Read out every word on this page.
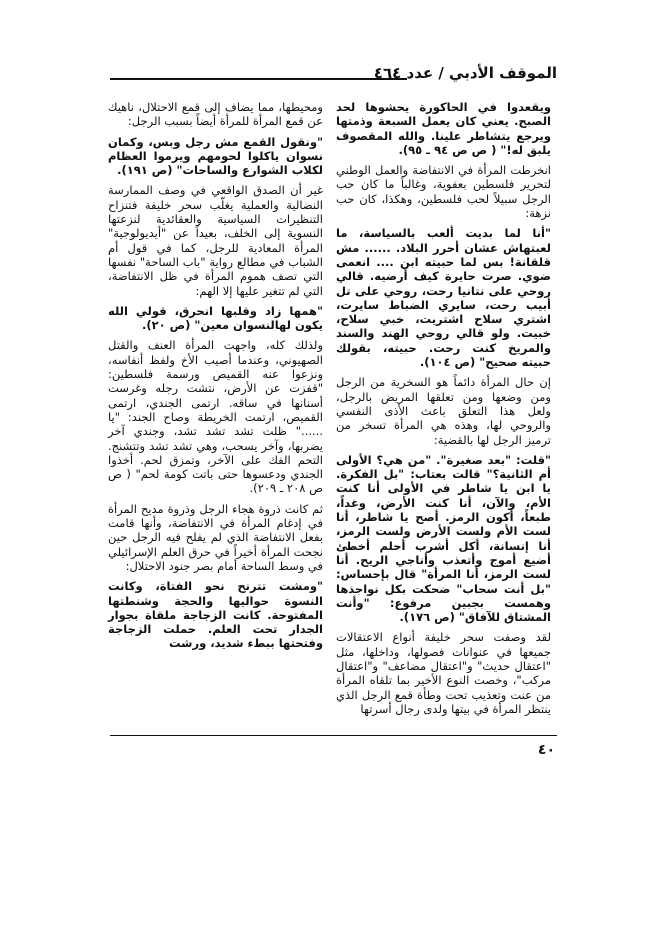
الموقف الأدبي / عدد ٤٦٤

ويقعدوا في الحاكورة يحشوها لحد الصبح. يعني كان يعمل السبعة وذمتها ويرجع يتشاطر علينا. والله المقصوف يلبق له!" ( ص ص ٩٤ ـ ٩٥).

انخرطت المرأة في الانتفاضة والعمل الوطني لتحرير فلسطين بعفوية، وغالباً ما كان حب الرجل سبيلاً لحب فلسطين، وهكذا، كان حب نزهة:

"أنا لما بديت ألعب بالسياسة، ما لعبتهاش عشان أحرر البلاد. ...... مش قلقانة! بس لما حبيته ابن .... انعمى ضوي. صرت حايرة كيف أرضيه. قالي روحي على نتانيا رحت، روحي على تل أبيب رحت، سايري الضباط سايرت، اشتري سلاح اشتريت، خبي سلاح، خبيت. ولو قالي روحي الهند والسند والمريخ كنت رحت. حبيته، بقولك حبيته صحيح" (ص ١٠٤).

إن حال المرأة دائماً هو السخرية من الرجل ومن وضعها ومن تعلقها المريض بالرجل، ولعل هذا التعلق باعث الأذى النفسي والروحي لها، وهذه هي المرأة تسخر من ترميز الرجل لها بالقضية:

"قلت: "بعد صغيرة". "من هي؟ الأولى أم الثانية؟" قالت بعتاب: "بل الفكرة. يا ابن يا شاطر في الأولى أنا كنت الأم، والآن، أنا كنت الأرض، وغداً، طبعاً، أكون الرمز. أصح يا شاطر، أنا لست الأم ولست الأرض ولست الرمز، أنا إنسانة، أكل أشرب أحلم أخطئ أضيع أموج وأتعذب وأناجي الريح. أنا لست الرمز، أنا المرأة" قال بإحساس: "بل أنت سحاب" ضحكت بكل نواجذها وهمست بجبين مرفوع: "وأنت المشتاق للآفاق" (ص ١٧٦).

لقد وصفت سحر خليفة أنواع الاعتقالات جميعها في عنوانات فصولها، وداخلها، مثل "اعتقال حديث" و"اعتقال مضاعف" و"اعتقال مركب"، وخصت النوع الأخير بما تلقاه المرأة من عنت وتعذيب تحت وطأة قمع الرجل الذي ينتظر المرأة في بيتها ولدى رجال أسرتها

ومحيطها، مما يضاف إلى قمع الاحتلال، ناهيك عن قمع المرأة للمرأة أيضاً بسبب الرجل:

"ونقول القمع مش رجل وبس، وكمان نسوان ياكلوا لحومهم ويرموا العظام لكلاب الشوارع والساحات" (ص ١٩١).

غير أن الصدق الواقعي في وصف الممارسة النضالية والعملية يغلّب سحر خليفة فتنزاح التنظيرات السياسية والعقائدية لنزعتها النسوية إلى الخلف، بعيداً عن "أيديولوجية" المرأة المعادية للرجل، كما في قول أم الشباب في مطالع رواية "باب الساحة" نفسها التي تصف هموم المرأة في ظل الانتفاضة، التي لم تتغير عليها إلا الهم:

"همها زاد وقلبها انحرق، قولي الله يكون لهالنسوان معين" (ص ٢٠).

ولذلك كله، واجهت المرأة العنف والقتل الصهيوني، وعندما أصيب الأخ ولفظ أنفاسه، ونزعوا عنه القميص ورسمة فلسطين: "قفزت عن الأرض، نتشت رجله وغرست أسنانها في ساقه. ارتمى الجندي، ارتمى القميص، ارتمت الخريطة وصاح الجند: "يا ......" ظلت تشد تشد تشد، وجندي آخر يضربها، وآخر يسحب، وهي تشد تشد وتتشنج. التحم الفك على الآخر، وتمزق لحم. أخذوا الجندي ودعسوها حتى باتت كومة لحم" ( ص ص ٢٠٨ ـ ٢٠٩).

ثم كانت ذروة هجاء الرجل وذروة مديح المرأة في إدغام المرأة في الانتفاضة، وأنها قامت بفعل الانتفاضة الذي لم يفلح فيه الرجل حين نجحت المرأة أخيراً في حرق العلم الإسرائيلي في وسط الساحة أمام بصر جنود الاحتلال:

"ومشت تترنح نحو الفتاة، وكانت النسوة حواليها والحجة وشنطتها المفتوحة. كانت الزجاجة ملقاة بجوار الجدار تحت العلم. حملت الزجاجة وفتحتها ببطء شديد، ورشت

٤٠
